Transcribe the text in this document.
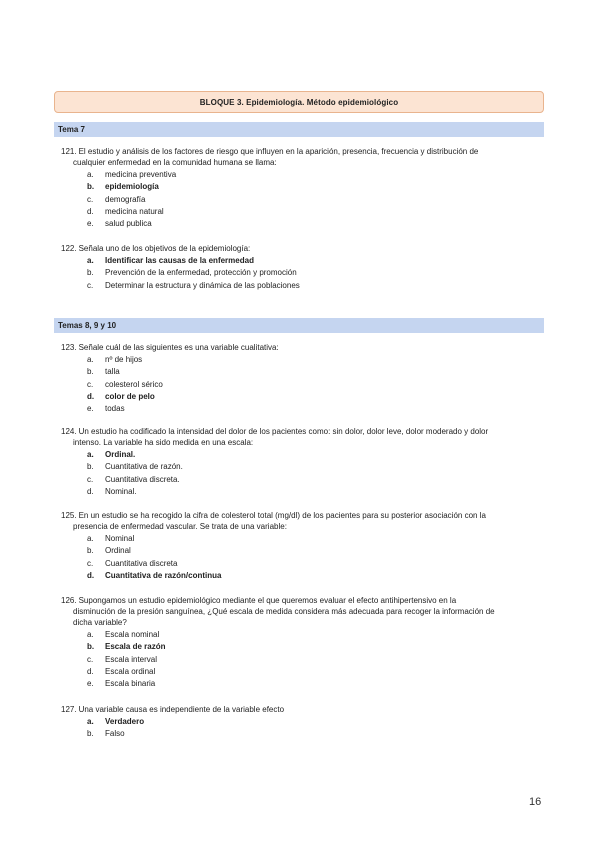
BLOQUE 3. Epidemiología. Método epidemiológico
Tema 7
121. El estudio y análisis de los factores de riesgo que influyen en la aparición, presencia, frecuencia y distribución de
cualquier enfermedad en la comunidad humana se llama:
a. medicina preventiva
b. epidemiología
c. demografía
d. medicina natural
e. salud publica
122. Señala uno de los objetivos de la epidemiología:
a. Identificar las causas de la enfermedad
b. Prevención de la enfermedad, protección y promoción
c. Determinar la estructura y dinámica de las poblaciones
Temas 8, 9 y 10
123. Señale cuál de las siguientes es una variable cualitativa:
a. nº de hijos
b. talla
c. colesterol sérico
d. color de pelo
e. todas
124. Un estudio ha codificado la intensidad del dolor de los pacientes como: sin dolor, dolor leve, dolor moderado y dolor
intenso. La variable ha sido medida en una escala:
a. Ordinal.
b. Cuantitativa de razón.
c. Cuantitativa discreta.
d. Nominal.
125. En un estudio se ha recogido la cifra de colesterol total (mg/dl) de los pacientes para su posterior asociación con la
presencia de enfermedad vascular. Se trata de una variable:
a. Nominal
b. Ordinal
c. Cuantitativa discreta
d. Cuantitativa de razón/continua
126. Supongamos un estudio epidemiológico mediante el que queremos evaluar el efecto antihipertensivo en la
disminución de la presión sanguínea, ¿Qué escala de medida considera más adecuada para recoger la información de
dicha variable?
a. Escala nominal
b. Escala de razón
c. Escala interval
d. Escala ordinal
e. Escala binaria
127. Una variable causa es independiente de la variable efecto
a. Verdadero
b. Falso
16
